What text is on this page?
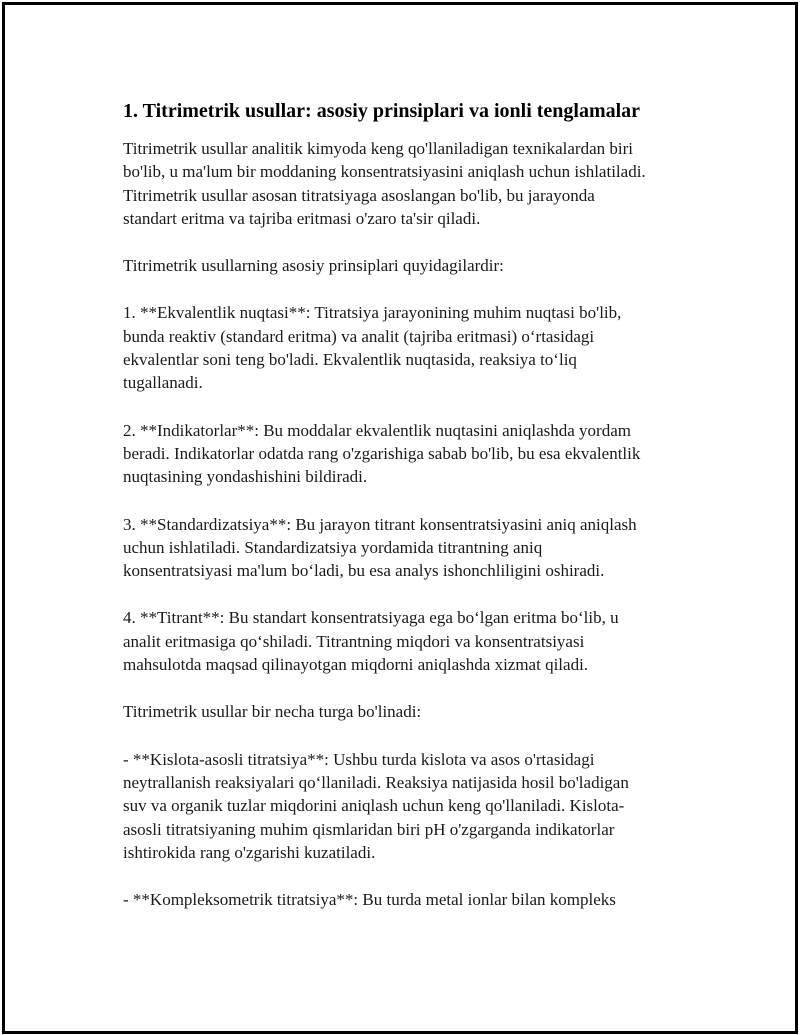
1. Titrimetrik usullar: asosiy prinsiplari va ionli tenglamalar

Titrimetrik usullar analitik kimyoda keng qo'llaniladigan texnikalardan biri
bo'lib, u ma'lum bir moddaning konsentratsiyasini aniqlash uchun ishlatiladi.
Titrimetrik usullar asosan titratsiyaga asoslangan bo'lib, bu jarayonda
standart eritma va tajriba eritmasi o'zaro ta'sir qiladi.

Titrimetrik usullarning asosiy prinsiplari quyidagilardir:

1. **Ekvalentlik nuqtasi**: Titratsiya jarayonining muhim nuqtasi bo'lib,
bunda reaktiv (standard eritma) va analit (tajriba eritmasi) o‘rtasidagi
ekvalentlar soni teng bo'ladi. Ekvalentlik nuqtasida, reaksiya to‘liq
tugallanadi.

2. **Indikatorlar**: Bu moddalar ekvalentlik nuqtasini aniqlashda yordam
beradi. Indikatorlar odatda rang o'zgarishiga sabab bo'lib, bu esa ekvalentlik
nuqtasining yondashishini bildiradi.

3. **Standardizatsiya**: Bu jarayon titrant konsentratsiyasini aniq aniqlash
uchun ishlatiladi. Standardizatsiya yordamida titrantning aniq
konsentratsiyasi ma'lum bo‘ladi, bu esa analys ishonchliligini oshiradi.

4. **Titrant**: Bu standart konsentratsiyaga ega bo‘lgan eritma bo‘lib, u
analit eritmasiga qo‘shiladi. Titrantning miqdori va konsentratsiyasi
mahsulotda maqsad qilinayotgan miqdorni aniqlashda xizmat qiladi.

Titrimetrik usullar bir necha turga bo'linadi:

- **Kislota-asosli titratsiya**: Ushbu turda kislota va asos o'rtasidagi
neytrallanish reaksiyalari qo‘llaniladi. Reaksiya natijasida hosil bo'ladigan
suv va organik tuzlar miqdorini aniqlash uchun keng qo'llaniladi. Kislota-
asosli titratsiyaning muhim qismlaridan biri pH o'zgarganda indikatorlar
ishtirokida rang o'zgarishi kuzatiladi.

- **Kompleksometrik titratsiya**: Bu turda metal ionlar bilan kompleks
